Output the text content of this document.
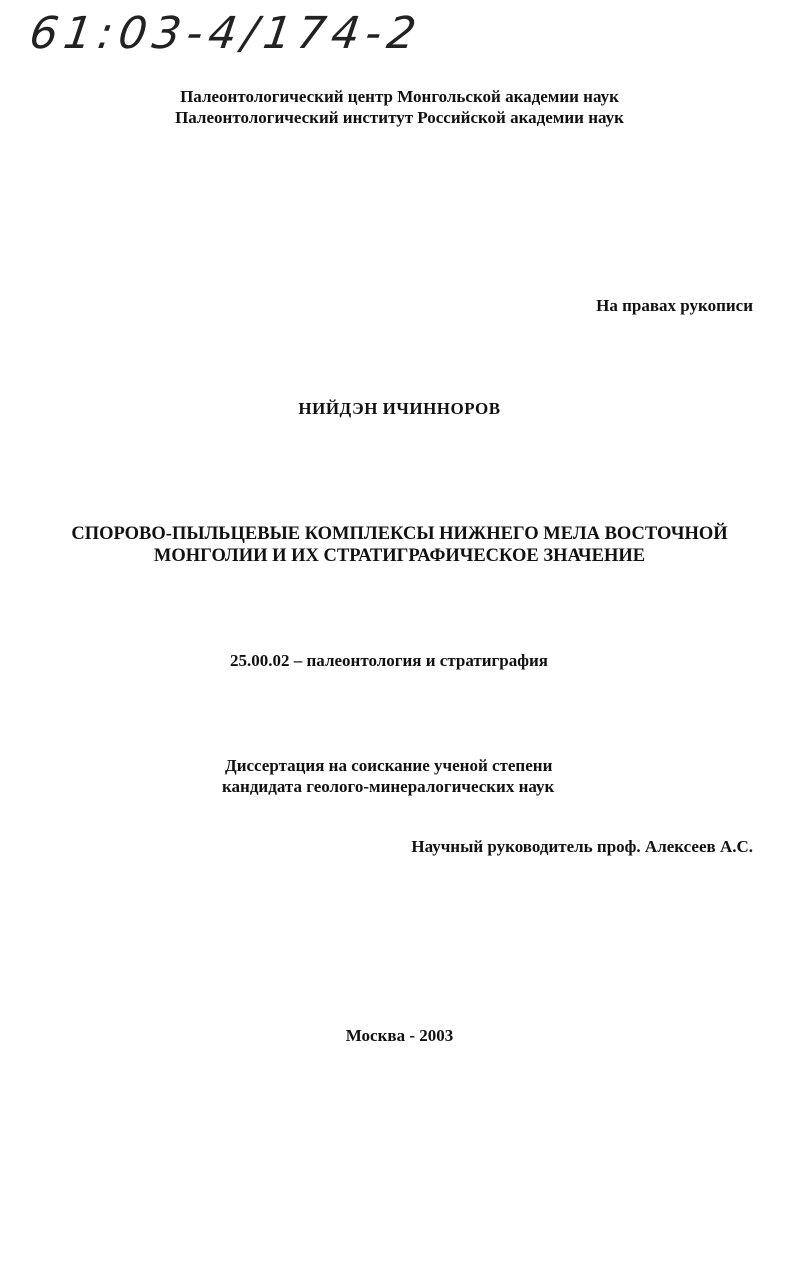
61:03-4/174-2
Палеонтологический центр Монгольской академии наук
Палеонтологический институт Российской академии наук
На правах рукописи
НИЙДЭН ИЧИННОРОВ
СПОРОВО-ПЫЛЬЦЕВЫЕ КОМПЛЕКСЫ НИЖНЕГО МЕЛА ВОСТОЧНОЙ
МОНГОЛИИ И ИХ СТРАТИГРАФИЧЕСКОЕ ЗНАЧЕНИЕ
25.00.02 – палеонтология и стратиграфия
Диссертация на соискание ученой степени
кандидата геолого-минералогических наук
Научный руководитель проф. Алексеев А.С.
Москва - 2003
